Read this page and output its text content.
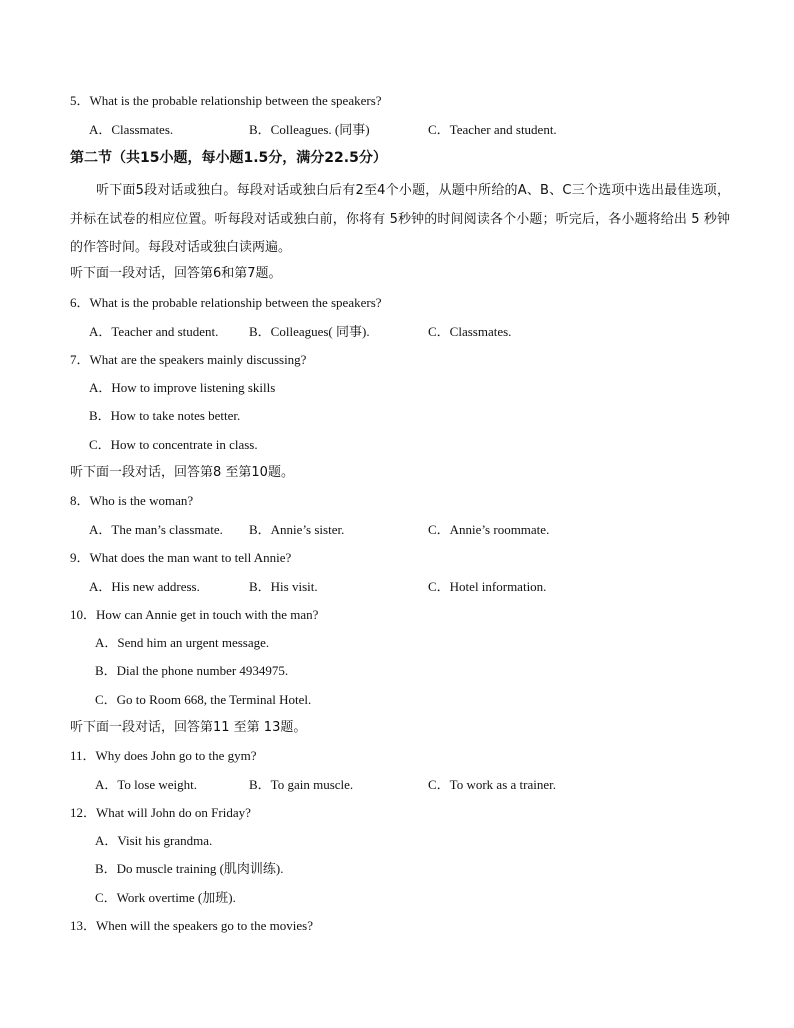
5．What is the probable relationship between the speakers?
A．Classmates.	B．Colleagues. (同事)	C．Teacher and student.
第二节（共15小题，每小题1.5分，满分22.5分）
听下面5段对话或独白。每段对话或独白后有2至4个小题，从题中所给的A、B、C三个选项中选出最佳选项，并标在试卷的相应位置。听每段对话或独白前，你将有 5秒钟的时间阅读各个小题；听完后，各小题将给出 5 秒钟的作答时间。每段对话或独白读两遍。
听下面一段对话，回答第6和第7题。
6．What is the probable relationship between the speakers?
A．Teacher and student. B．Colleagues( 同事).	C．Classmates.
7．What are the speakers mainly discussing?
A．How to improve listening skills
B．How to take notes better.
C．How to concentrate in class.
听下面一段对话，回答第8 至第10题。
8．Who is the woman?
A．The man’s classmate. B．Annie’s sister.	C．Annie’s roommate.
9．What does the man want to tell Annie?
A．His new address.	B．His visit.	C．Hotel information.
10．How can Annie get in touch with the man?
A．Send him an urgent message.
B．Dial the phone number 4934975.
C．Go to Room 668, the Terminal Hotel.
听下面一段对话，回答第11 至第 13题。
11．Why does John go to the gym?
A．To lose weight.	B．To gain muscle.	C．To work as a trainer.
12．What will John do on Friday?
A．Visit his grandma.
B．Do muscle training (肌肉训练).
C．Work overtime (加班).
13．When will the speakers go to the movies?
